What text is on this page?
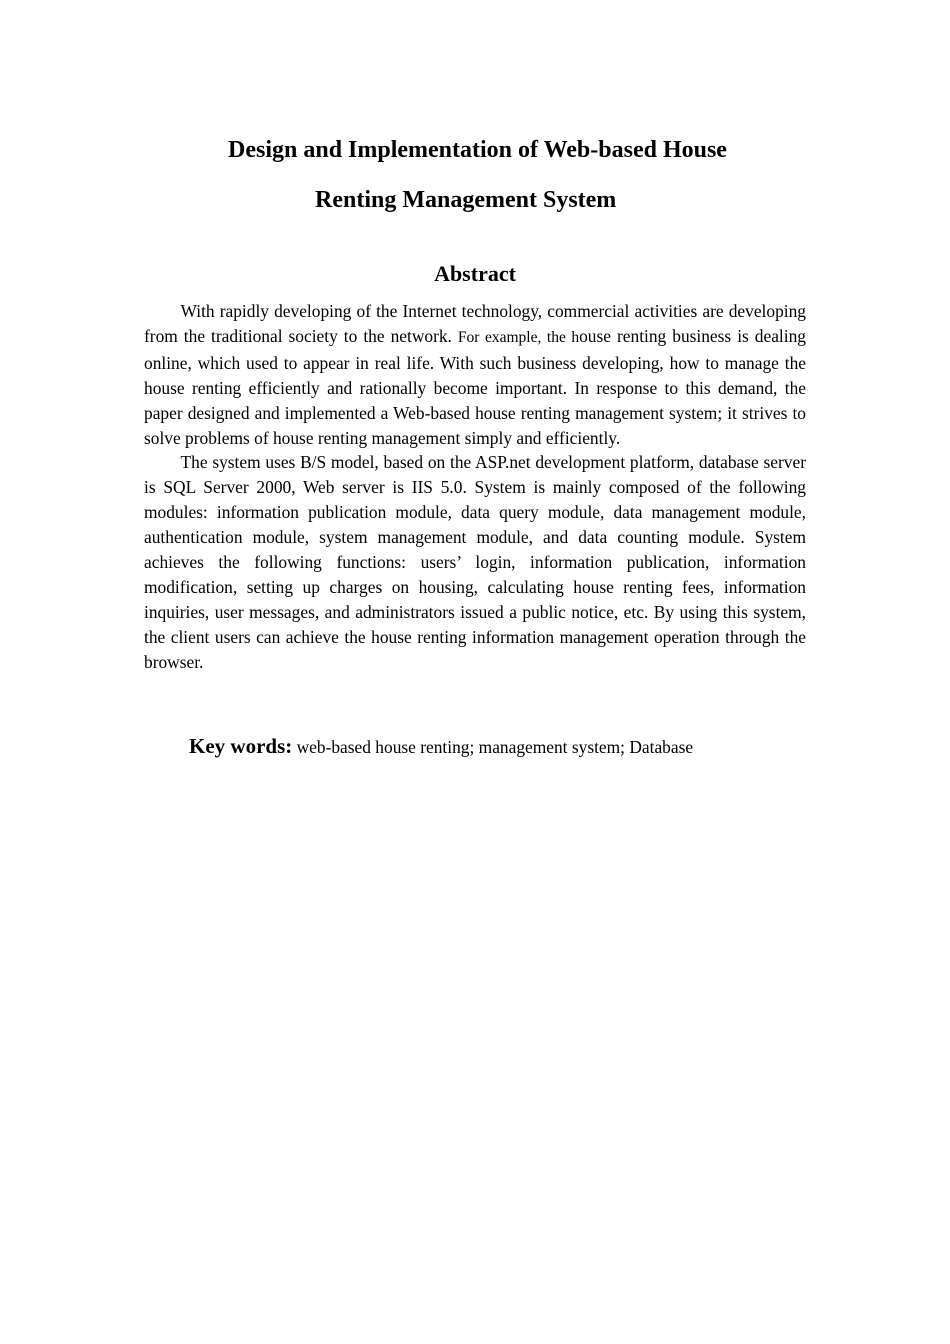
Design and Implementation of Web-based House
Renting Management System
Abstract

With rapidly developing of the Internet technology, commercial activities are developing from the traditional society to the network. For example, the house renting business is dealing online, which used to appear in real life. With such business developing, how to manage the house renting efficiently and rationally become important. In response to this demand, the paper designed and implemented a Web-based house renting management system; it strives to solve problems of house renting management simply and efficiently.

The system uses B/S model, based on the ASP.net development platform, database server is SQL Server 2000, Web server is IIS 5.0. System is mainly composed of the following modules: information publication module, data query module, data management module, authentication module, system management module, and data counting module. System achieves the following functions: users’ login, information publication, information modification, setting up charges on housing, calculating house renting fees, information inquiries, user messages, and administrators issued a public notice, etc. By using this system, the client users can achieve the house renting information management operation through the browser.

Key words: web-based house renting; management system; Database
